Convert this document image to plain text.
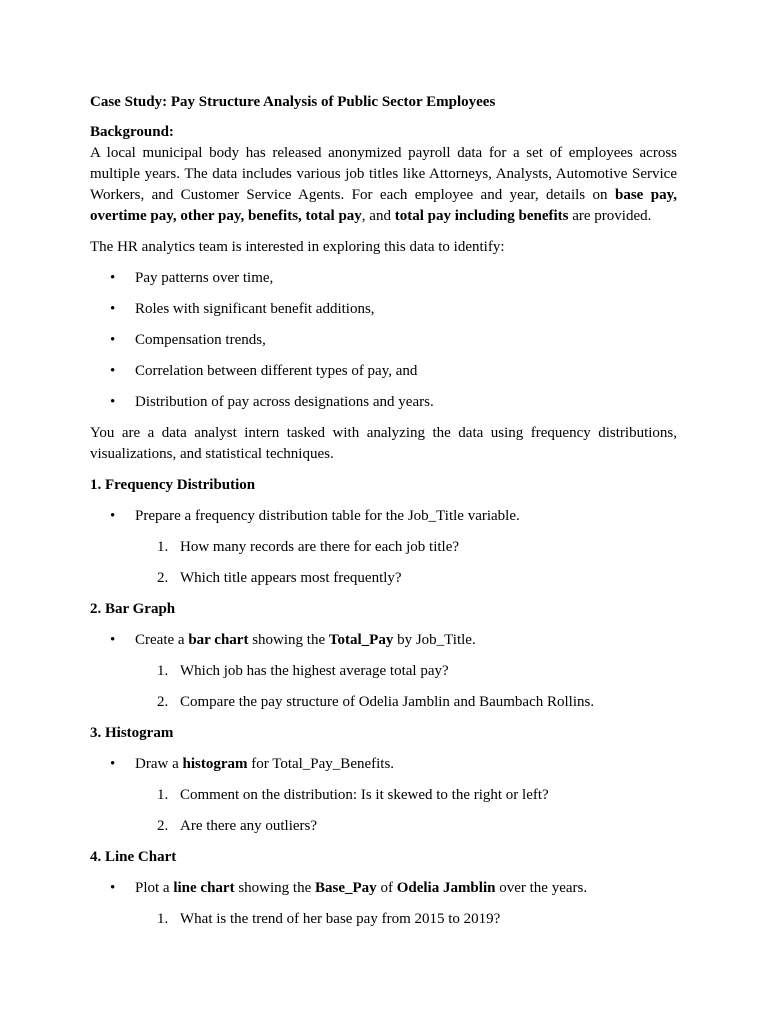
Case Study: Pay Structure Analysis of Public Sector Employees

Background:

A local municipal body has released anonymized payroll data for a set of employees across multiple years. The data includes various job titles like Attorneys, Analysts, Automotive Service Workers, and Customer Service Agents. For each employee and year, details on base pay, overtime pay, other pay, benefits, total pay, and total pay including benefits are provided.

The HR analytics team is interested in exploring this data to identify:

• Pay patterns over time,
• Roles with significant benefit additions,
• Compensation trends,
• Correlation between different types of pay, and
• Distribution of pay across designations and years.

You are a data analyst intern tasked with analyzing the data using frequency distributions, visualizations, and statistical techniques.

1. Frequency Distribution

• Prepare a frequency distribution table for the Job_Title variable.
1. How many records are there for each job title?
2. Which title appears most frequently?

2. Bar Graph

• Create a bar chart showing the Total_Pay by Job_Title.
1. Which job has the highest average total pay?
2. Compare the pay structure of Odelia Jamblin and Baumbach Rollins.

3. Histogram

• Draw a histogram for Total_Pay_Benefits.
1. Comment on the distribution: Is it skewed to the right or left?
2. Are there any outliers?

4. Line Chart

• Plot a line chart showing the Base_Pay of Odelia Jamblin over the years.
1. What is the trend of her base pay from 2015 to 2019?
